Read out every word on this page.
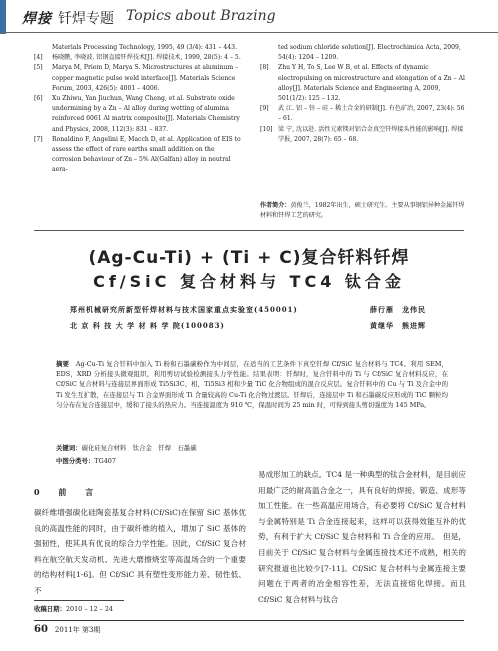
焊接 钎焊专题 Topics about Brazing
Materials Processing Technology, 1995, 49 (3/4): 431 – 443.
[4] 杨晓鹏, 李晓波. 铝钢直接钎焊技术[J]. 焊接技术, 1999, 28(5): 4 – 5.
[5] Marya M, Priem D, Marya S. Microstructures at aluminum – copper magnetic pulse weld interface[J]. Materials Science Forum, 2003, 426(5): 4001 – 4006.
[6] Xu Zhiwu, Yan Jiuchun, Wang Cheng, et al. Substrate oxide undermining by a Zn – Al alloy during wetting of alumina reinforced 6061 Al matrix composite[J]. Materials Chemistry and Physics, 2008, 112(3): 831 – 837.
[7] Ronaldino F, Angelini E, Macch D, et al. Application of EIS to assess the effect of rare earths small addition on the corrosion behaviour of Zn – 5% Al(Galfan) alloy in neutral aera-
ted sodium chloride solution[J]. Electrochimica Acta, 2009, 54(4): 1204 – 1209.
[8] Zhu Y H, To S, Lee W B, et al. Effects of dynamic electropulsing on microstructure and elongation of a Zn – Al alloy[J]. Materials Science and Engineering A, 2009, 501(1/2): 125 – 132.
[9] 武 江. 铝 – 锌 – 硅 – 稀土合金的研制[J]. 有色矿冶, 2007, 23(4): 56 – 61.
[10] 梁 宁, 沈以赴. 活性元素镁对铝合金真空钎焊接头性能的影响[J]. 焊接学报, 2007, 28(7): 65 – 68.
作者简介：黄俊兰，1982年出生，硕士研究生。主要从事钢铝异种金属钎焊材料和钎焊工艺的研究。
(Ag-Cu-Ti) + (Ti + C)复合钎料钎焊
Cf/SiC 复合材料与 TC4 钛合金
郑州机械研究所新型钎焊材料与技术国家重点实验室(450001)	薛行雁　龙伟民
北 京 科 技 大 学 材 料 学 院(100083)	黄继华　熊进辉
摘要　 Ag-Cu-Ti 复合钎料中加入 Ti 粉和石墨碳粉作为中间层，在适当的工艺条件下真空钎焊 Cf/SiC 复合材料与 TC4。利用 SEM，EDS，XRD 分析接头微观组织，利用剪切试验检测接头力学性能。结果表明：钎焊时，复合钎料中的 Ti 与 Cf/SiC 复合材料反应，在 Cf/SiC 复合材料与连接层界面形成 Ti5Si3C、相，Ti5Si3 相和少量 TiC 化合物组成的混合反应层。复合钎料中的 Cu 与 Ti 及合金中的 Ti 发生互扩散，在连接层与 Ti 合金界面形成 Ti 含量较高的 Cu-Ti 化合物过渡层。钎焊后，连接层中 Ti 和石墨碳反应形成的 TiC 颗粒均匀分布在复合连接层中，缓和了接头的热应力。当连接温度为 910 ℃，保温时间为 25 min 时，可得到接头剪切强度为 145 MPa。
关键词：碳化硅复合材料　钛合金　钎焊　石墨碳
中图分类号：TG407
0 前 言
碳纤维增强碳化硅陶瓷基复合材料(Cf/SiC)在保留 SiC 基体优良的高温性能的同时，由于碳纤维的植入，增加了 SiC 基体的强韧性，使其具有优良的综合力学性能。因此，Cf/SiC 复合材料在航空航天发动机、先进大磨擦烧室等高温场合的一个重要的结构材料[1-6]。但 Cf/SiC 具有塑性变形能力差、韧性低、不
易成形加工的缺点。TC4 是一种典型的钛合金材料，是目前应用最广泛的耐高温合金之一，具有良好的焊接、锻造、成形等加工性能。在一些高温应用场合，有必要将 Cf/SiC 复合材料与金属特别是 Ti 合金连接起来，这样可以获得效能互补的优势，有利于扩大 Cf/SiC 复合材料和 Ti 合金的应用。　但是，目前关于 Cf/SiC 复合材料与金属连接技术还不成熟，相关的研究报道也比较少[7-11]。Cf/SiC 复合材料与金属连接主要问题在于两者的冶金相容性差，无法直接熔化焊接。而且 Cf/SiC 复合材料与钛合
收稿日期：2010 – 12 – 24
60　 2011年 第3期
